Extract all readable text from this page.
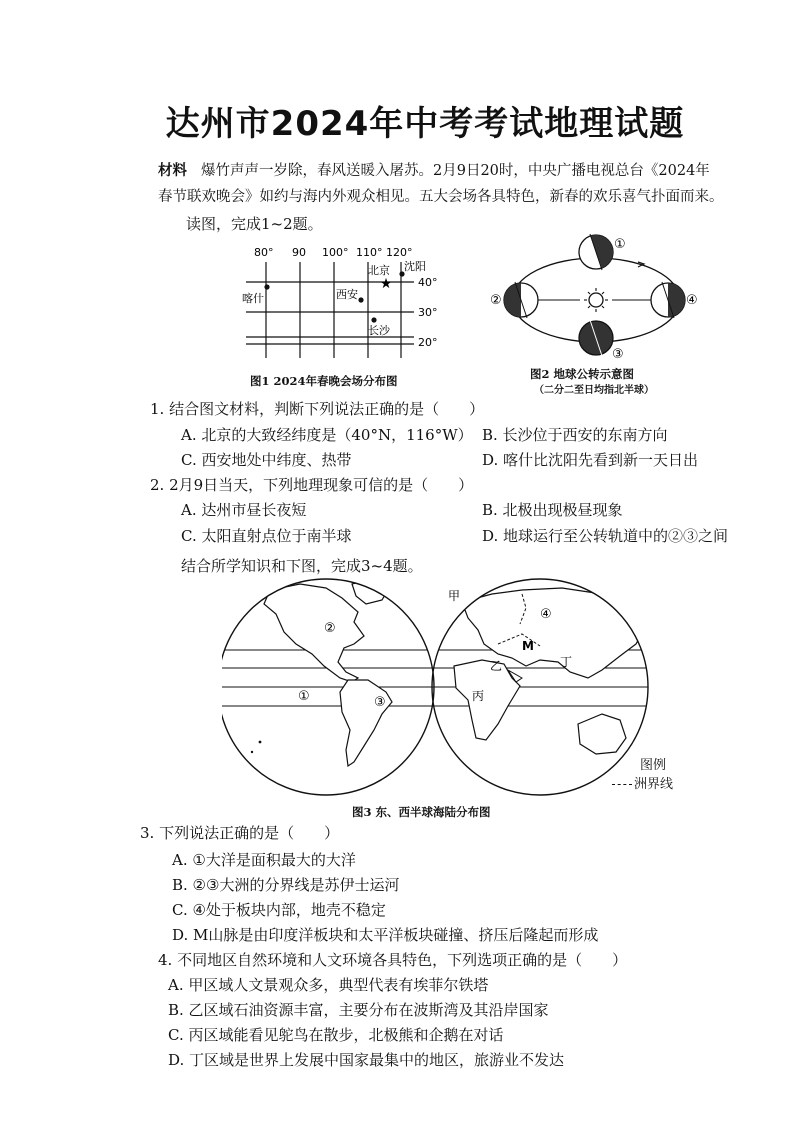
达州市2024年中考考试地理试题
材料 爆竹声声一岁除，春风送暖入屠苏。2月9日20时，中央广播电视总台《2024年
春节联欢晚会》如约与海内外观众相见。五大会场各具特色，新春的欢乐喜气扑面而来。
读图，完成1~2题。
80° 90 100° 110° 120°
40°
30°
20°
喀什	西安
★
北京 沈阳
长沙
图1 2024年春晚会场分布图
①
②
③
④
图2 地球公转示意图
（二分二至日均指北半球）
1. 结合图文材料，判断下列说法正确的是（　　）
A. 北京的大致经纬度是（40°N，116°W） B. 长沙位于西安的东南方向
C. 西安地处中纬度、热带	D. 喀什比沈阳先看到新一天日出
2. 2月9日当天，下列地理现象可信的是（　　）
A. 达州市昼长夜短	B. 北极出现极昼现象
C. 太阳直射点位于南半球	D. 地球运行至公转轨道中的②③之间
结合所学知识和下图，完成3~4题。
①
②
③
④
甲
乙
丙
丁
M
图例
洲界线
图3 东、西半球海陆分布图
3. 下列说法正确的是（　　）
A. ①大洋是面积最大的大洋
B. ②③大洲的分界线是苏伊士运河
C. ④处于板块内部，地壳不稳定
D. M山脉是由印度洋板块和太平洋板块碰撞、挤压后隆起而形成
4. 不同地区自然环境和人文环境各具特色，下列选项正确的是（　　）
A. 甲区域人文景观众多，典型代表有埃菲尔铁塔
B. 乙区域石油资源丰富，主要分布在波斯湾及其沿岸国家
C. 丙区域能看见鸵鸟在散步，北极熊和企鹅在对话
D. 丁区域是世界上发展中国家最集中的地区，旅游业不发达
